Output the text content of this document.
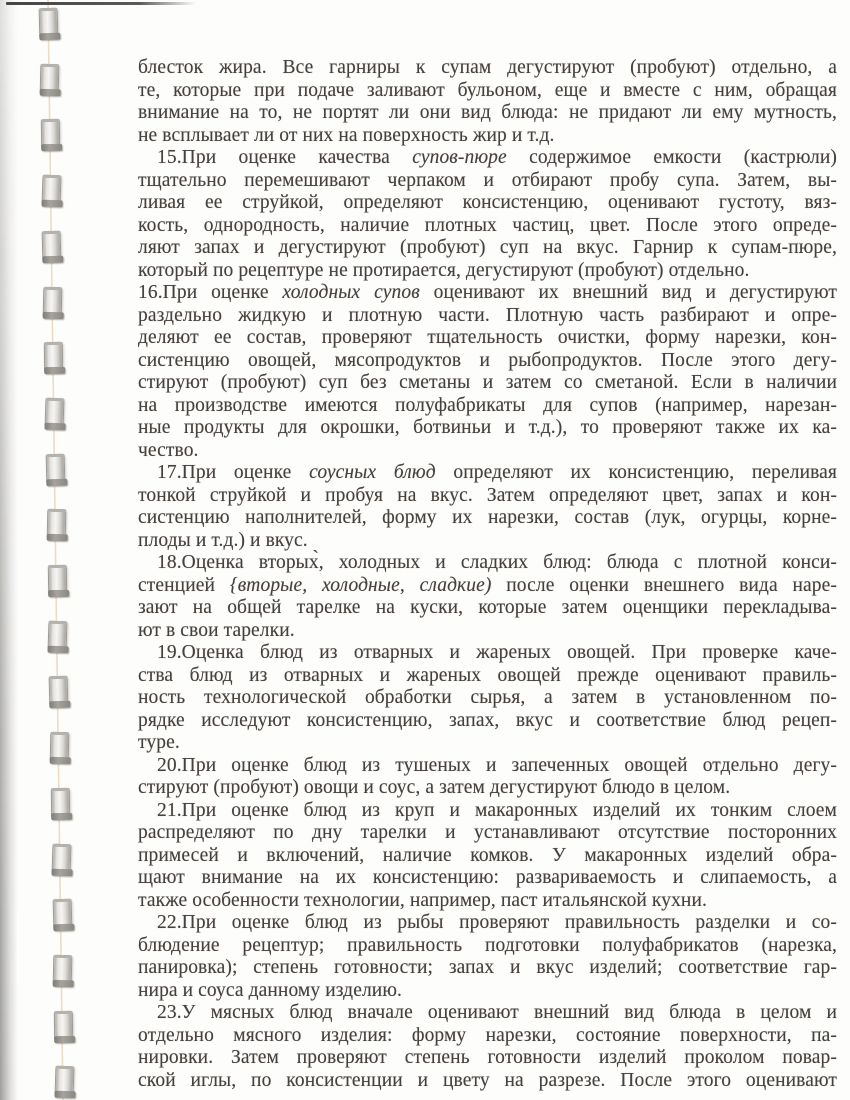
блесток жира. Все гарниры к супам дегустируют (пробуют) отдельно, а
те, которые при подаче заливают бульоном, еще и вместе с ним, обращая
внимание на то, не портят ли они вид блюда: не придают ли ему мутность,
не всплывает ли от них на поверхность жир и т.д.
15.При оценке качества супов-пюре содержимое емкости (кастрюли)
тщательно перемешивают черпаком и отбирают пробу супа. Затем, вы-
ливая ее струйкой, определяют консистенцию, оценивают густоту, вяз-
кость, однородность, наличие плотных частиц, цвет. После этого опреде-
ляют запах и дегустируют (пробуют) суп на вкус. Гарнир к супам-пюре,
который по рецептуре не протирается, дегустируют (пробуют) отдельно.
16.При оценке холодных супов оценивают их внешний вид и дегустируют
раздельно жидкую и плотную части. Плотную часть разбирают и опре-
деляют ее состав, проверяют тщательность очистки, форму нарезки, кон-
систенцию овощей, мясопродуктов и рыбопродуктов. После этого дегу-
стируют (пробуют) суп без сметаны и затем со сметаной. Если в наличии
на производстве имеются полуфабрикаты для супов (например, нарезан-
ные продукты для окрошки, ботвиньи и т.д.), то проверяют также их ка-
чество.
17.При оценке соусных блюд определяют их консистенцию, переливая
тонкой струйкой и пробуя на вкус. Затем определяют цвет, запах и кон-
систенцию наполнителей, форму их нарезки, состав (лук, огурцы, корне-
плоды и т.д.) и вкус.
18.Оценка вторых̀, холодных и сладких блюд: блюда с плотной конси-
стенцией {вторые, холодные, сладкие) после оценки внешнего вида наре-
зают на общей тарелке на куски, которые затем оценщики перекладыва-
ют в свои тарелки.
19.Оценка блюд из отварных и жареных овощей. При проверке каче-
ства блюд из отварных и жареных овощей прежде оценивают правиль-
ность технологической обработки сырья, а затем в установленном по-
рядке исследуют консистенцию, запах, вкус и соответствие блюд рецеп-
туре.
20.При оценке блюд из тушеных и запеченных овощей отдельно дегу-
стируют (пробуют) овощи и соус, а затем дегустируют блюдо в целом.
21.При оценке блюд из круп и макаронных изделий их тонким слоем
распределяют по дну тарелки и устанавливают отсутствие посторонних
примесей и включений, наличие комков. У макаронных изделий обра-
щают внимание на их консистенцию: развариваемость и слипаемость, а
также особенности технологии, например, паст итальянской кухни.
22.При оценке блюд из рыбы проверяют правильность разделки и со-
блюдение рецептур; правильность подготовки полуфабрикатов (нарезка,
панировка); степень готовности; запах и вкус изделий; соответствие гар-
нира и соуса данному изделию.
23.У мясных блюд вначале оценивают внешний вид блюда в целом и
отдельно мясного изделия: форму нарезки, состояние поверхности, па-
нировки. Затем проверяют степень готовности изделий проколом повар-
ской иглы, по консистенции и цвету на разрезе. После этого оценивают
